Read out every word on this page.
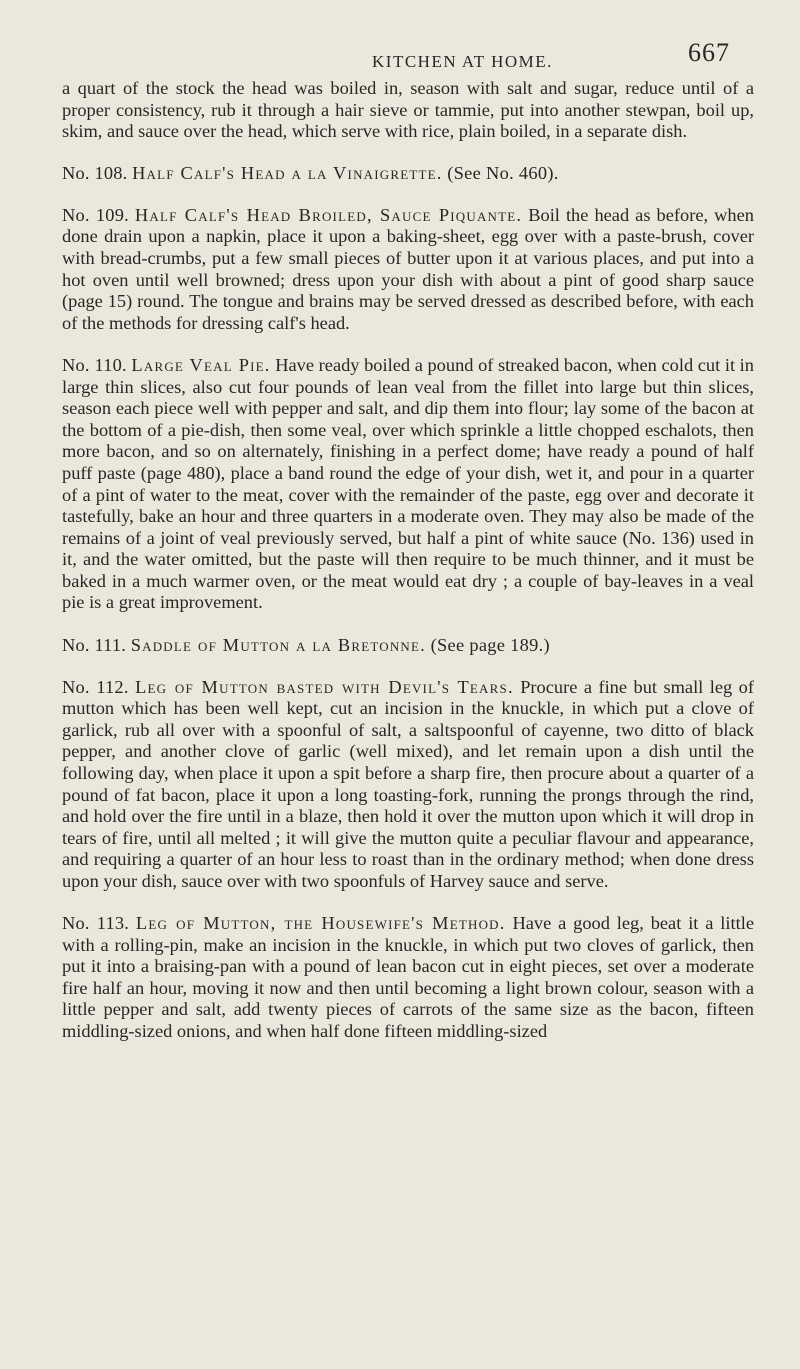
KITCHEN AT HOME.	667

a quart of the stock the head was boiled in, season with salt and sugar, reduce until of a proper consistency, rub it through a hair sieve or tammie, put into another stewpan, boil up, skim, and sauce over the head, which serve with rice, plain boiled, in a separate dish.

No. 108. Half Calf's Head a la Vinaigrette. (See No. 460).

No. 109. Half Calf's Head Broiled, Sauce Piquante. Boil the head as before, when done drain upon a napkin, place it upon a baking-sheet, egg over with a paste-brush, cover with bread-crumbs, put a few small pieces of butter upon it at various places, and put into a hot oven until well browned; dress upon your dish with about a pint of good sharp sauce (page 15) round. The tongue and brains may be served dressed as described before, with each of the methods for dressing calf's head.

No. 110. Large Veal Pie. Have ready boiled a pound of streaked bacon, when cold cut it in large thin slices, also cut four pounds of lean veal from the fillet into large but thin slices, season each piece well with pepper and salt, and dip them into flour; lay some of the bacon at the bottom of a pie-dish, then some veal, over which sprinkle a little chopped eschalots, then more bacon, and so on alternately, finishing in a perfect dome; have ready a pound of half puff paste (page 480), place a band round the edge of your dish, wet it, and pour in a quarter of a pint of water to the meat, cover with the remainder of the paste, egg over and decorate it tastefully, bake an hour and three quarters in a moderate oven. They may also be made of the remains of a joint of veal previously served, but half a pint of white sauce (No. 136) used in it, and the water omitted, but the paste will then require to be much thinner, and it must be baked in a much warmer oven, or the meat would eat dry ; a couple of bay-leaves in a veal pie is a great improvement.

No. 111. Saddle of Mutton a la Bretonne. (See page 189.)

No. 112. Leg of Mutton basted with Devil's Tears. Procure a fine but small leg of mutton which has been well kept, cut an incision in the knuckle, in which put a clove of garlick, rub all over with a spoonful of salt, a saltspoonful of cayenne, two ditto of black pepper, and another clove of garlic (well mixed), and let remain upon a dish until the following day, when place it upon a spit before a sharp fire, then procure about a quarter of a pound of fat bacon, place it upon a long toasting-fork, running the prongs through the rind, and hold over the fire until in a blaze, then hold it over the mutton upon which it will drop in tears of fire, until all melted ; it will give the mutton quite a peculiar flavour and appearance, and requiring a quarter of an hour less to roast than in the ordinary method; when done dress upon your dish, sauce over with two spoonfuls of Harvey sauce and serve.

No. 113. Leg of Mutton, the Housewife's Method. Have a good leg, beat it a little with a rolling-pin, make an incision in the knuckle, in which put two cloves of garlick, then put it into a braising-pan with a pound of lean bacon cut in eight pieces, set over a moderate fire half an hour, moving it now and then until becoming a light brown colour, season with a little pepper and salt, add twenty pieces of carrots of the same size as the bacon, fifteen middling-sized onions, and when half done fifteen middling-sized
